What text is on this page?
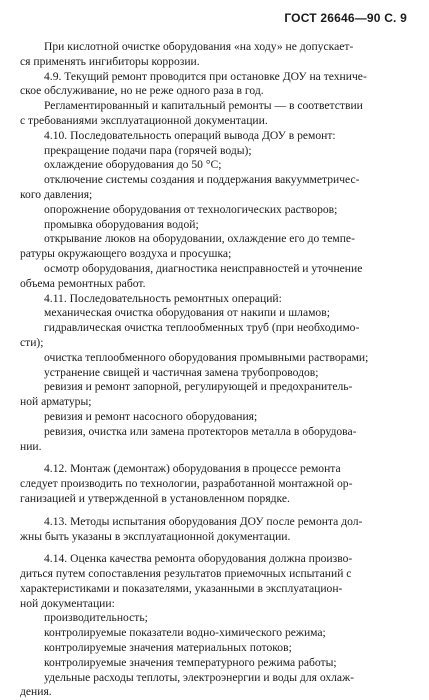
ГОСТ 26646—90 С. 9

При кислотной очистке оборудования «на ходу» не допускает-

ся применять ингибиторы коррозии.

4.9. Текущий ремонт проводится при остановке ДОУ на техниче-

ское обслуживание, но не реже одного раза в год.

Регламентированный и капитальный ремонты — в соответствии

с требованиями эксплуатационной документации.

4.10. Последовательность операций вывода ДОУ в ремонт:

прекращение подачи пара (горячей воды);

охлаждение оборудования до 50 °С;

отключение системы создания и поддержания вакуумметричес-

кого давления;

опорожнение оборудования от технологических растворов;

промывка оборудования водой;

открывание люков на оборудовании, охлаждение его до темпе-

ратуры окружающего воздуха и просушка;

осмотр оборудования, диагностика неисправностей и уточнение

объема ремонтных работ.

4.11. Последовательность ремонтных операций:

механическая очистка оборудования от накипи и шламов;

гидравлическая очистка теплообменных труб (при необходимо-

сти);

очистка теплообменного оборудования промывными растворами;

устранение свищей и частичная замена трубопроводов;

ревизия и ремонт запорной, регулирующей и предохранитель-

ной арматуры;

ревизия и ремонт насосного оборудования;

ревизия, очистка или замена протекторов металла в оборудова-

нии.

4.12. Монтаж (демонтаж) оборудования в процессе ремонта

следует производить по технологии, разработанной монтажной ор-

ганизацией и утвержденной в установленном порядке.

4.13. Методы испытания оборудования ДОУ после ремонта дол-

жны быть указаны в эксплуатационной документации.

4.14. Оценка качества ремонта оборудования должна произво-

диться путем сопоставления результатов приемочных испытаний с

характеристиками и показателями, указанными в эксплуатацион-

ной документации:

производительность;

контролируемые показатели водно-химического режима;

контролируемые значения материальных потоков;

контролируемые значения температурного режима работы;

удельные расходы теплоты, электроэнергии и воды для охлаж-

дения.
